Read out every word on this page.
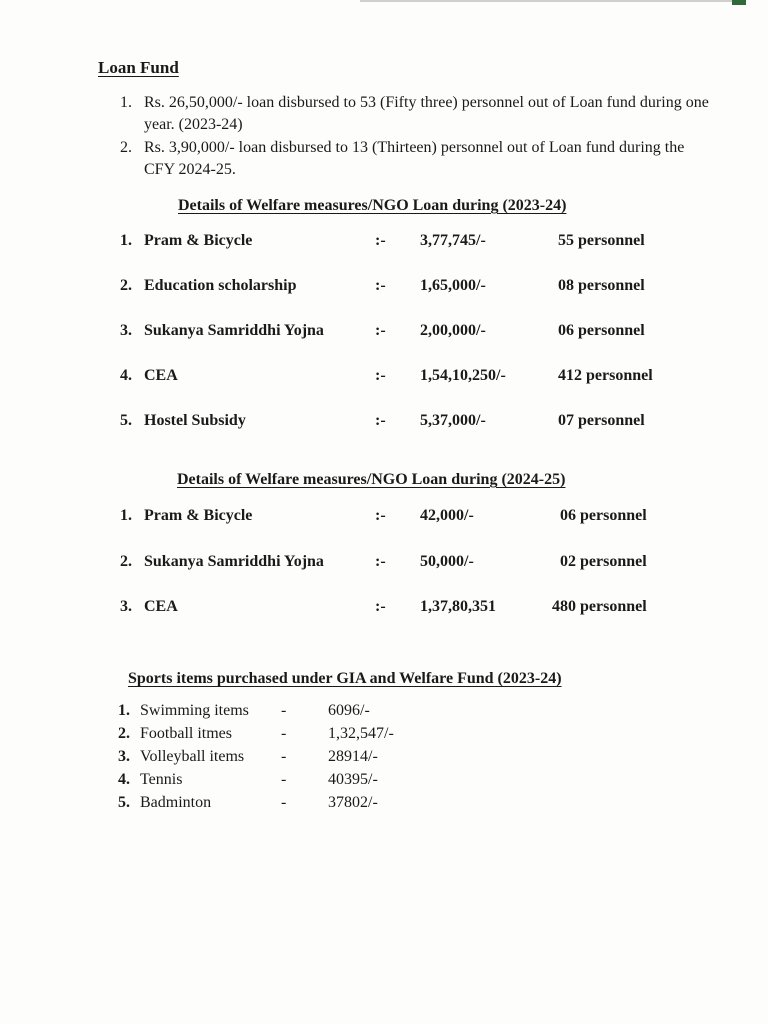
Loan Fund
1. Rs. 26,50,000/- loan disbursed to 53 (Fifty three) personnel out of Loan fund during one year. (2023-24)
2. Rs. 3,90,000/- loan disbursed to 13 (Thirteen) personnel out of Loan fund during the CFY 2024-25.
Details of Welfare measures/NGO Loan during (2023-24)
1. Pram & Bicycle	:- 3,77,745/-	55 personnel
2. Education scholarship	:- 1,65,000/-	08 personnel
3. Sukanya Samriddhi Yojna	:- 2,00,000/-	06 personnel
4. CEA	:- 1,54,10,250/-	412 personnel
5. Hostel Subsidy	:- 5,37,000/-	07 personnel
Details of Welfare measures/NGO Loan during (2024-25)
1. Pram & Bicycle	:- 42,000/-	06 personnel
2. Sukanya Samriddhi Yojna	:- 50,000/-	02 personnel
3. CEA	:- 1,37,80,351	480 personnel
Sports items purchased under GIA and Welfare Fund (2023-24)
1. Swimming items -	6096/-
2. Football itmes	-	1,32,547/-
3. Volleyball items -	28914/-
4. Tennis	-	40395/-
5. Badminton	-	37802/-
